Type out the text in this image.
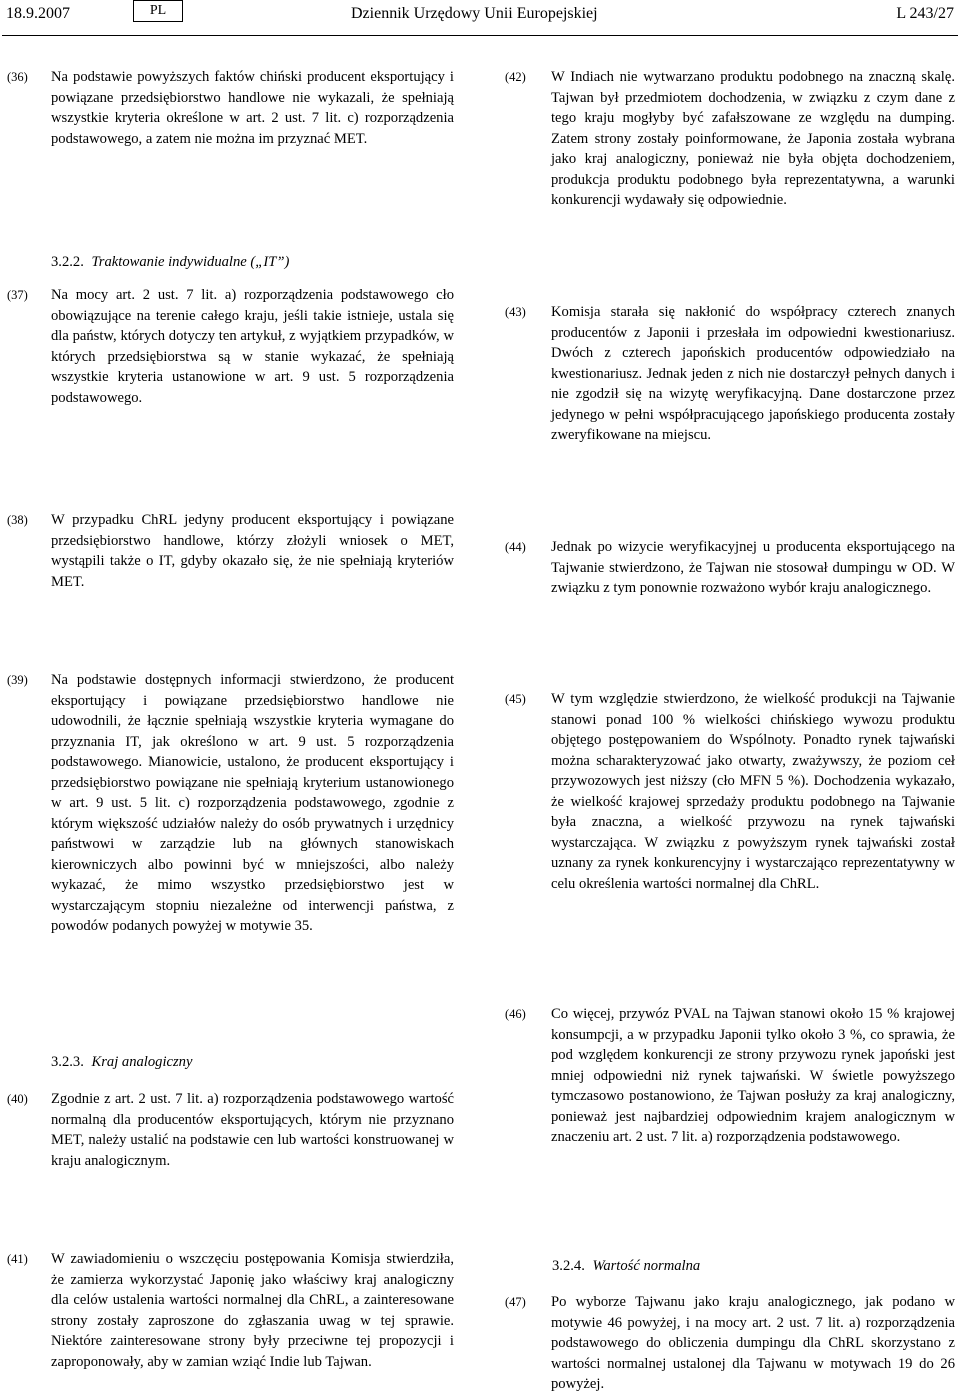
18.9.2007	PL	Dziennik Urzędowy Unii Europejskiej	L 243/27
(36) Na podstawie powyższych faktów chiński producent eksportujący i powiązane przedsiębiorstwo handlowe nie wykazali, że spełniają wszystkie kryteria określone w art. 2 ust. 7 lit. c) rozporządzenia podstawowego, a zatem nie można im przyznać MET.
3.2.2. Traktowanie indywidualne („IT”)
(37) Na mocy art. 2 ust. 7 lit. a) rozporządzenia podstawowego cło obowiązujące na terenie całego kraju, jeśli takie istnieje, ustala się dla państw, których dotyczy ten artykuł, z wyjątkiem przypadków, w których przedsiębiorstwa są w stanie wykazać, że spełniają wszystkie kryteria ustanowione w art. 9 ust. 5 rozporządzenia podstawowego.
(38) W przypadku ChRL jedyny producent eksportujący i powiązane przedsiębiorstwo handlowe, którzy złożyli wniosek o MET, wystąpili także o IT, gdyby okazało się, że nie spełniają kryteriów MET.
(39) Na podstawie dostępnych informacji stwierdzono, że producent eksportujący i powiązane przedsiębiorstwo handlowe nie udowodnili, że łącznie spełniają wszystkie kryteria wymagane do przyznania IT, jak określono w art. 9 ust. 5 rozporządzenia podstawowego. Mianowicie, ustalono, że producent eksportujący i przedsiębiorstwo powiązane nie spełniają kryterium ustanowionego w art. 9 ust. 5 lit. c) rozporządzenia podstawowego, zgodnie z którym większość udziałów należy do osób prywatnych i urzędnicy państwowi w zarządzie lub na głównych stanowiskach kierowniczych albo powinni być w mniejszości, albo należy wykazać, że mimo wszystko przedsiębiorstwo jest w wystarczającym stopniu niezależne od interwencji państwa, z powodów podanych powyżej w motywie 35.
3.2.3. Kraj analogiczny
(40) Zgodnie z art. 2 ust. 7 lit. a) rozporządzenia podstawowego wartość normalną dla producentów eksportujących, którym nie przyznano MET, należy ustalić na podstawie cen lub wartości konstruowanej w kraju analogicznym.
(41) W zawiadomieniu o wszczęciu postępowania Komisja stwierdziła, że zamierza wykorzystać Japonię jako właściwy kraj analogiczny dla celów ustalenia wartości normalnej dla ChRL, a zainteresowane strony zostały zaproszone do zgłaszania uwag w tej sprawie. Niektóre zainteresowane strony były przeciwne tej propozycji i zaproponowały, aby w zamian wziąć Indie lub Tajwan.
(42) W Indiach nie wytwarzano produktu podobnego na znaczną skalę. Tajwan był przedmiotem dochodzenia, w związku z czym dane z tego kraju mogłyby być zafałszowane ze względu na dumping. Zatem strony zostały poinformowane, że Japonia została wybrana jako kraj analogiczny, ponieważ nie była objęta dochodzeniem, produkcja produktu podobnego była reprezentatywna, a warunki konkurencji wydawały się odpowiednie.
(43) Komisja starała się nakłonić do współpracy czterech znanych producentów z Japonii i przesłała im odpowiedni kwestionariusz. Dwóch z czterech japońskich producentów odpowiedziało na kwestionariusz. Jednak jeden z nich nie dostarczył pełnych danych i nie zgodził się na wizytę weryfikacyjną. Dane dostarczone przez jedynego w pełni współpracującego japońskiego producenta zostały zweryfikowane na miejscu.
(44) Jednak po wizycie weryfikacyjnej u producenta eksportującego na Tajwanie stwierdzono, że Tajwan nie stosował dumpingu w OD. W związku z tym ponownie rozważono wybór kraju analogicznego.
(45) W tym względzie stwierdzono, że wielkość produkcji na Tajwanie stanowi ponad 100 % wielkości chińskiego wywozu produktu objętego postępowaniem do Wspólnoty. Ponadto rynek tajwański można scharakteryzować jako otwarty, zważywszy, że poziom ceł przywozowych jest niższy (cło MFN 5 %). Dochodzenia wykazało, że wielkość krajowej sprzedaży produktu podobnego na Tajwanie była znaczna, a wielkość przywozu na rynek tajwański wystarczająca. W związku z powyższym rynek tajwański został uznany za rynek konkurencyjny i wystarczająco reprezentatywny w celu określenia wartości normalnej dla ChRL.
(46) Co więcej, przywóz PVAL na Tajwan stanowi około 15 % krajowej konsumpcji, a w przypadku Japonii tylko około 3 %, co sprawia, że pod względem konkurencji ze strony przywozu rynek japoński jest mniej odpowiedni niż rynek tajwański. W świetle powyższego tymczasowo postanowiono, że Tajwan posłuży za kraj analogiczny, ponieważ jest najbardziej odpowiednim krajem analogicznym w znaczeniu art. 2 ust. 7 lit. a) rozporządzenia podstawowego.
3.2.4. Wartość normalna
(47) Po wyborze Tajwanu jako kraju analogicznego, jak podano w motywie 46 powyżej, i na mocy art. 2 ust. 7 lit. a) rozporządzenia podstawowego do obliczenia dumpingu dla ChRL skorzystano z wartości normalnej ustalonej dla Tajwanu w motywach 19 do 26 powyżej.
